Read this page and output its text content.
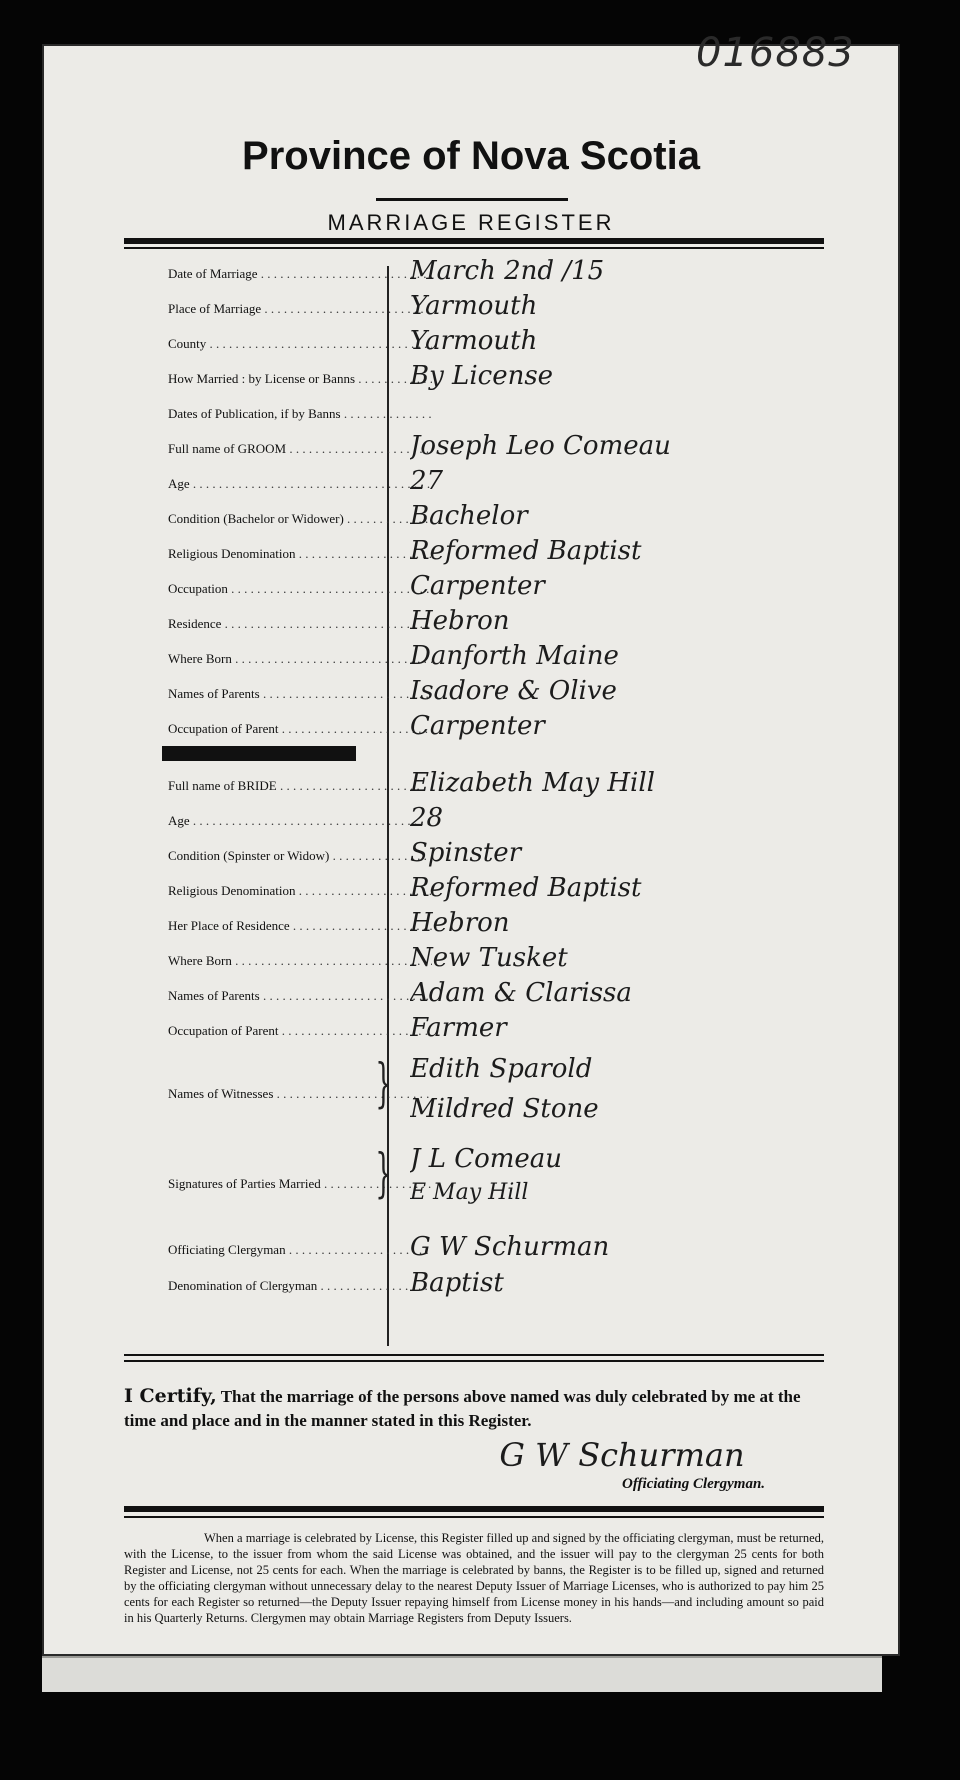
Province of Nova Scotia
MARRIAGE REGISTER
Date of Marriage . . .	March 2nd /15
Place of Marriage . . .	Yarmouth
County . . .	Yarmouth
How Married : by License or Banns . . .	By License
Dates of Publication, if by Banns . . .
Full name of GROOM . . .	Joseph Leo Comeau
Age . . .	27
Condition (Bachelor or Widower) . . .	Bachelor
Religious Denomination . . .	Reformed Baptist
Occupation . . .	Carpenter
Residence . . .	Hebron
Where Born . . .	Danforth Maine
Names of Parents . . .	Isadore & Olive
Occupation of Parent . . .	Carpenter
Full name of BRIDE . . .	Elizabeth May Hill
Age . . .	28
Condition (Spinster or Widow) . . .	Spinster
Religious Denomination . . .	Reformed Baptist
Her Place of Residence . . .	Hebron
Where Born . . .	New Tusket
Names of Parents . . .	Adam & Clarissa
Occupation of Parent . . .	Farmer
Names of Witnesses . . .
Edith Sparold
Mildred Stone
}
Signatures of Parties Married . . .
J L Comeau
E May Hill
}
Officiating Clergyman . . .	G W Schurman
Denomination of Clergyman . . .	Baptist
I Certify, That the marriage of the persons above named was duly celebrated by me at the time and place and in the manner stated in this Register.
G W Schurman
Officiating Clergyman.

When a marriage is celebrated by License, this Register filled up and signed by the officiating clergyman, must be returned, with the License, to the issuer from whom the said License was obtained, and the issuer will pay to the clergyman 25 cents for both Register and License, not 25 cents for each. When the marriage is celebrated by banns, the Register is to be filled up, signed and returned by the officiating clergyman without unnecessary delay to the nearest Deputy Issuer of Marriage Licenses, who is authorized to pay him 25 cents for each Register so returned—the Deputy Issuer repaying himself from License money in his hands—and including amount so paid in his Quarterly Returns. Clergymen may obtain Marriage Registers from Deputy Issuers.

016883
